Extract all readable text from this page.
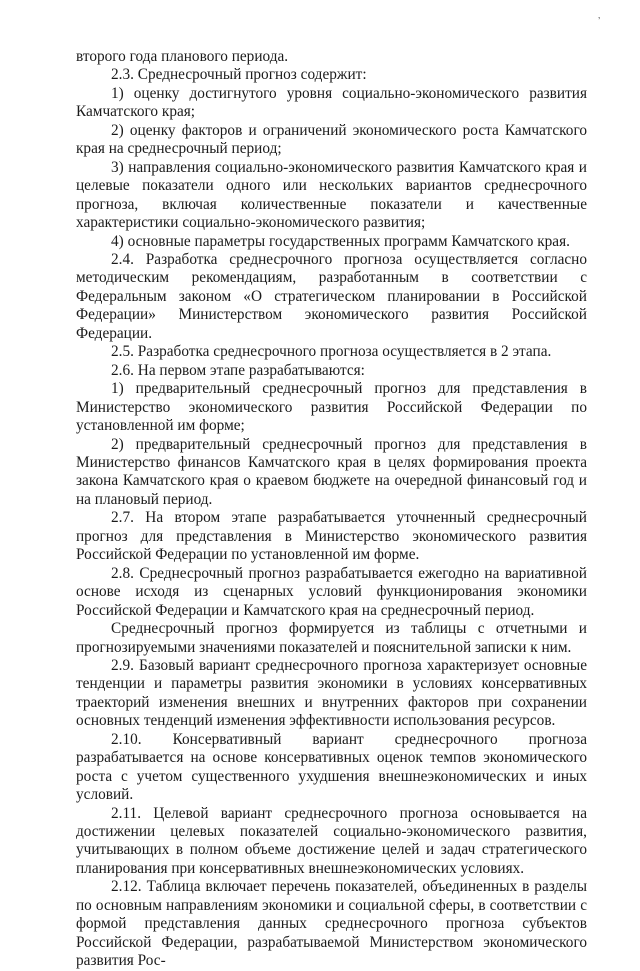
’

второго года планового периода.

2.3. Среднесрочный прогноз содержит:

1) оценку достигнутого уровня социально-экономического развития Камчатского края;

2) оценку факторов и ограничений экономического роста Камчатского края на среднесрочный период;

3) направления социально-экономического развития Камчатского края и целевые показатели одного или нескольких вариантов среднесрочного прогноза, включая количественные показатели и качественные характеристики социально-экономического развития;

4) основные параметры государственных программ Камчатского края.

2.4. Разработка среднесрочного прогноза осуществляется согласно методическим рекомендациям, разработанным в соответствии с Федеральным законом «О стратегическом планировании в Российской Федерации» Министерством экономического развития Российской Федерации.

2.5. Разработка среднесрочного прогноза осуществляется в 2 этапа.

2.6. На первом этапе разрабатываются:

1) предварительный среднесрочный прогноз для представления в Министерство экономического развития Российской Федерации по установленной им форме;

2) предварительный среднесрочный прогноз для представления в Министерство финансов Камчатского края в целях формирования проекта закона Камчатского края о краевом бюджете на очередной финансовый год и на плановый период.

2.7. На втором этапе разрабатывается уточненный среднесрочный прогноз для представления в Министерство экономического развития Российской Федерации по установленной им форме.

2.8. Среднесрочный прогноз разрабатывается ежегодно на вариативной основе исходя из сценарных условий функционирования экономики Российской Федерации и Камчатского края на среднесрочный период.

Среднесрочный прогноз формируется из таблицы с отчетными и прогнозируемыми значениями показателей и пояснительной записки к ним.

2.9. Базовый вариант среднесрочного прогноза характеризует основные тенденции и параметры развития экономики в условиях консервативных траекторий изменения внешних и внутренних факторов при сохранении основных тенденций изменения эффективности использования ресурсов.

2.10. Консервативный вариант среднесрочного прогноза разрабатывается на основе консервативных оценок темпов экономического роста с учетом существенного ухудшения внешнеэкономических и иных условий.

2.11. Целевой вариант среднесрочного прогноза основывается на достижении целевых показателей социально-экономического развития, учитывающих в полном объеме достижение целей и задач стратегического планирования при консервативных внешнеэкономических условиях.

2.12. Таблица включает перечень показателей, объединенных в разделы по основным направлениям экономики и социальной сферы, в соответствии с формой представления данных среднесрочного прогноза субъектов Российской Федерации, разрабатываемой Министерством экономического развития Рос-
